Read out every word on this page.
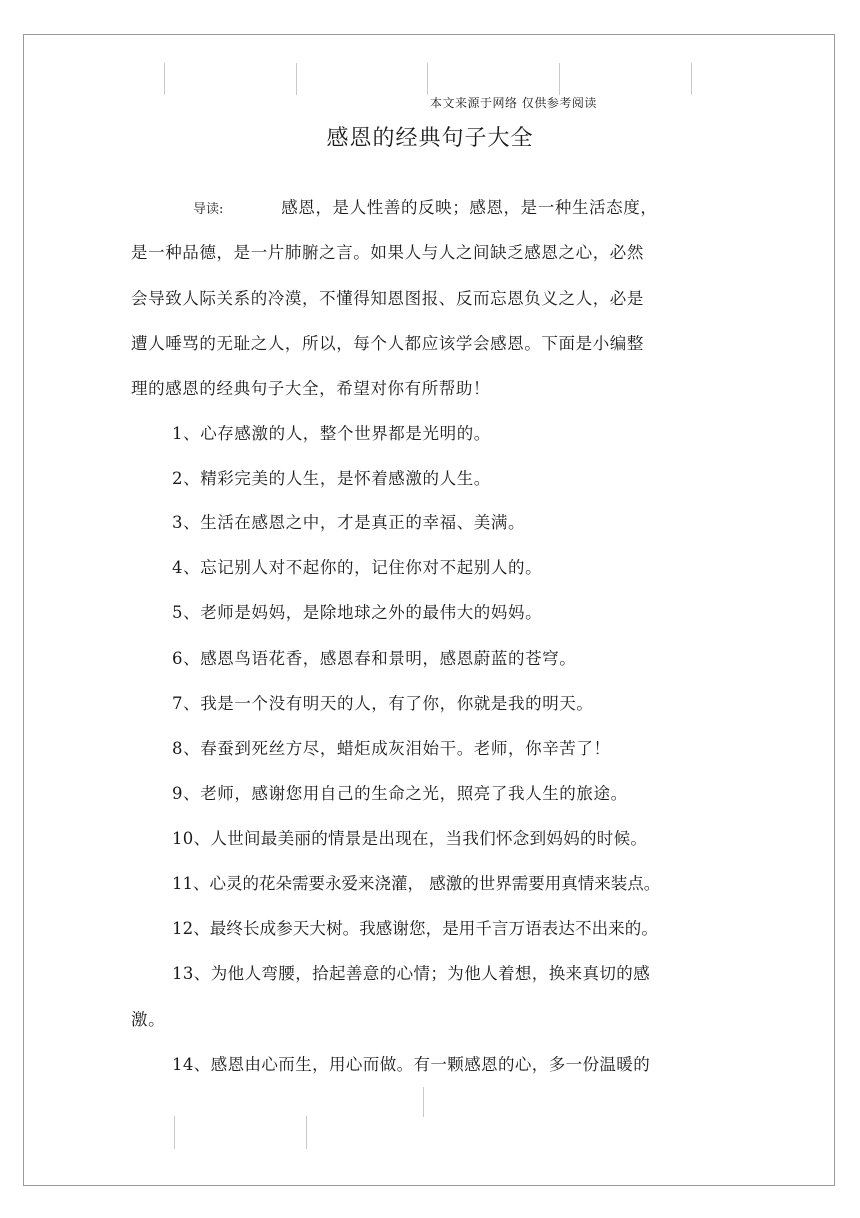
本文来源于网络 仅供参考阅读
感恩的经典句子大全
导读:	感恩，是人性善的反映；感恩，是一种生活态度，
是一种品德，是一片肺腑之言。如果人与人之间缺乏感恩之心，必然
会导致人际关系的冷漠，不懂得知恩图报、反而忘恩负义之人，必是
遭人唾骂的无耻之人，所以，每个人都应该学会感恩。下面是小编整
理的感恩的经典句子大全，希望对你有所帮助！
1、心存感激的人，整个世界都是光明的。
2、精彩完美的人生，是怀着感激的人生。
3、生活在感恩之中，才是真正的幸福、美满。
4、忘记别人对不起你的，记住你对不起别人的。
5、老师是妈妈，是除地球之外的最伟大的妈妈。
6、感恩鸟语花香，感恩春和景明，感恩蔚蓝的苍穹。
7、我是一个没有明天的人，有了你，你就是我的明天。
8、春蚕到死丝方尽，蜡炬成灰泪始干。老师，你辛苦了！
9、老师，感谢您用自己的生命之光，照亮了我人生的旅途。
10、人世间最美丽的情景是出现在，当我们怀念到妈妈的时候。
11、心灵的花朵需要永爱来浇灌， 感激的世界需要用真情来装点。
12、最终长成参天大树。我感谢您，是用千言万语表达不出来的。
13、为他人弯腰，拾起善意的心情；为他人着想，换来真切的感
激。
14、感恩由心而生，用心而做。有一颗感恩的心，多一份温暖的
